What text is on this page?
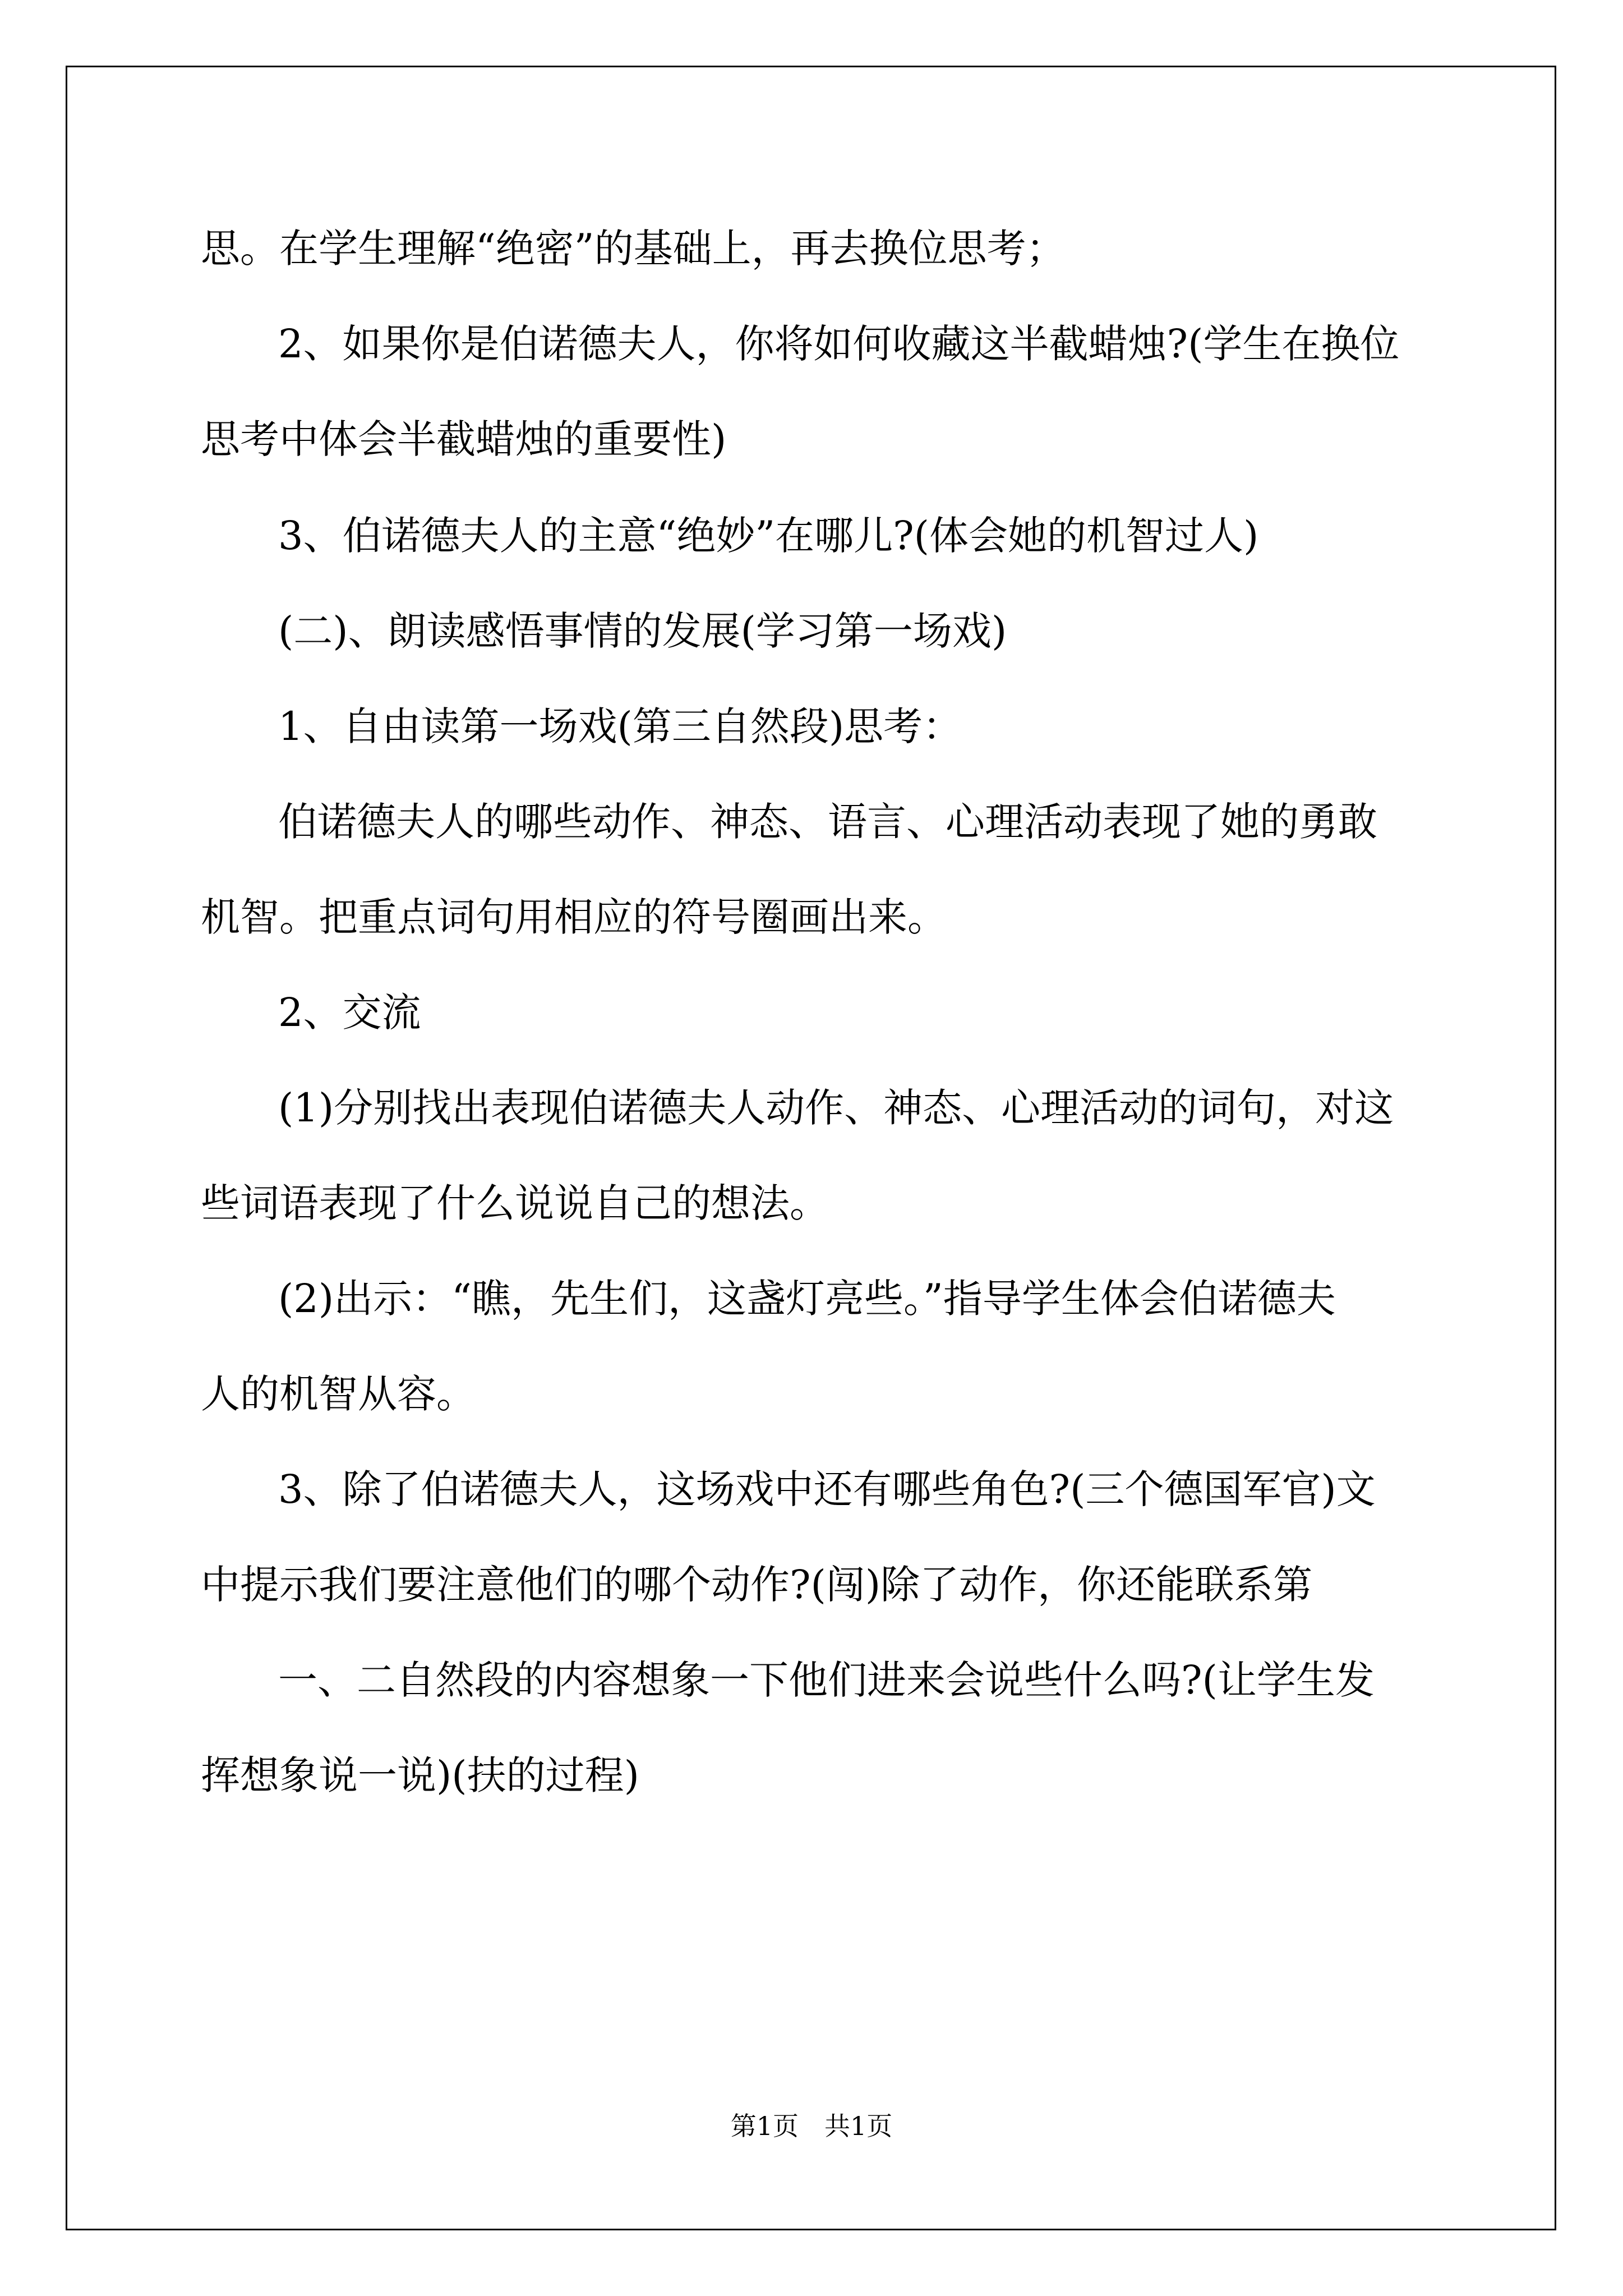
思。在学生理解“绝密”的基础上，再去换位思考；
2、如果你是伯诺德夫人，你将如何收藏这半截蜡烛?(学生在换位
思考中体会半截蜡烛的重要性)
3、伯诺德夫人的主意“绝妙”在哪儿?(体会她的机智过人)
(二)、朗读感悟事情的发展(学习第一场戏)
1、自由读第一场戏(第三自然段)思考：
伯诺德夫人的哪些动作、神态、语言、心理活动表现了她的勇敢
机智。把重点词句用相应的符号圈画出来。
2、交流
(1)分别找出表现伯诺德夫人动作、神态、心理活动的词句，对这
些词语表现了什么说说自己的想法。
(2)出示：“瞧，先生们，这盏灯亮些。”指导学生体会伯诺德夫
人的机智从容。
3、除了伯诺德夫人，这场戏中还有哪些角色?(三个德国军官)文
中提示我们要注意他们的哪个动作?(闯)除了动作，你还能联系第
一、二自然段的内容想象一下他们进来会说些什么吗?(让学生发
挥想象说一说)(扶的过程)
第1页　共1页
